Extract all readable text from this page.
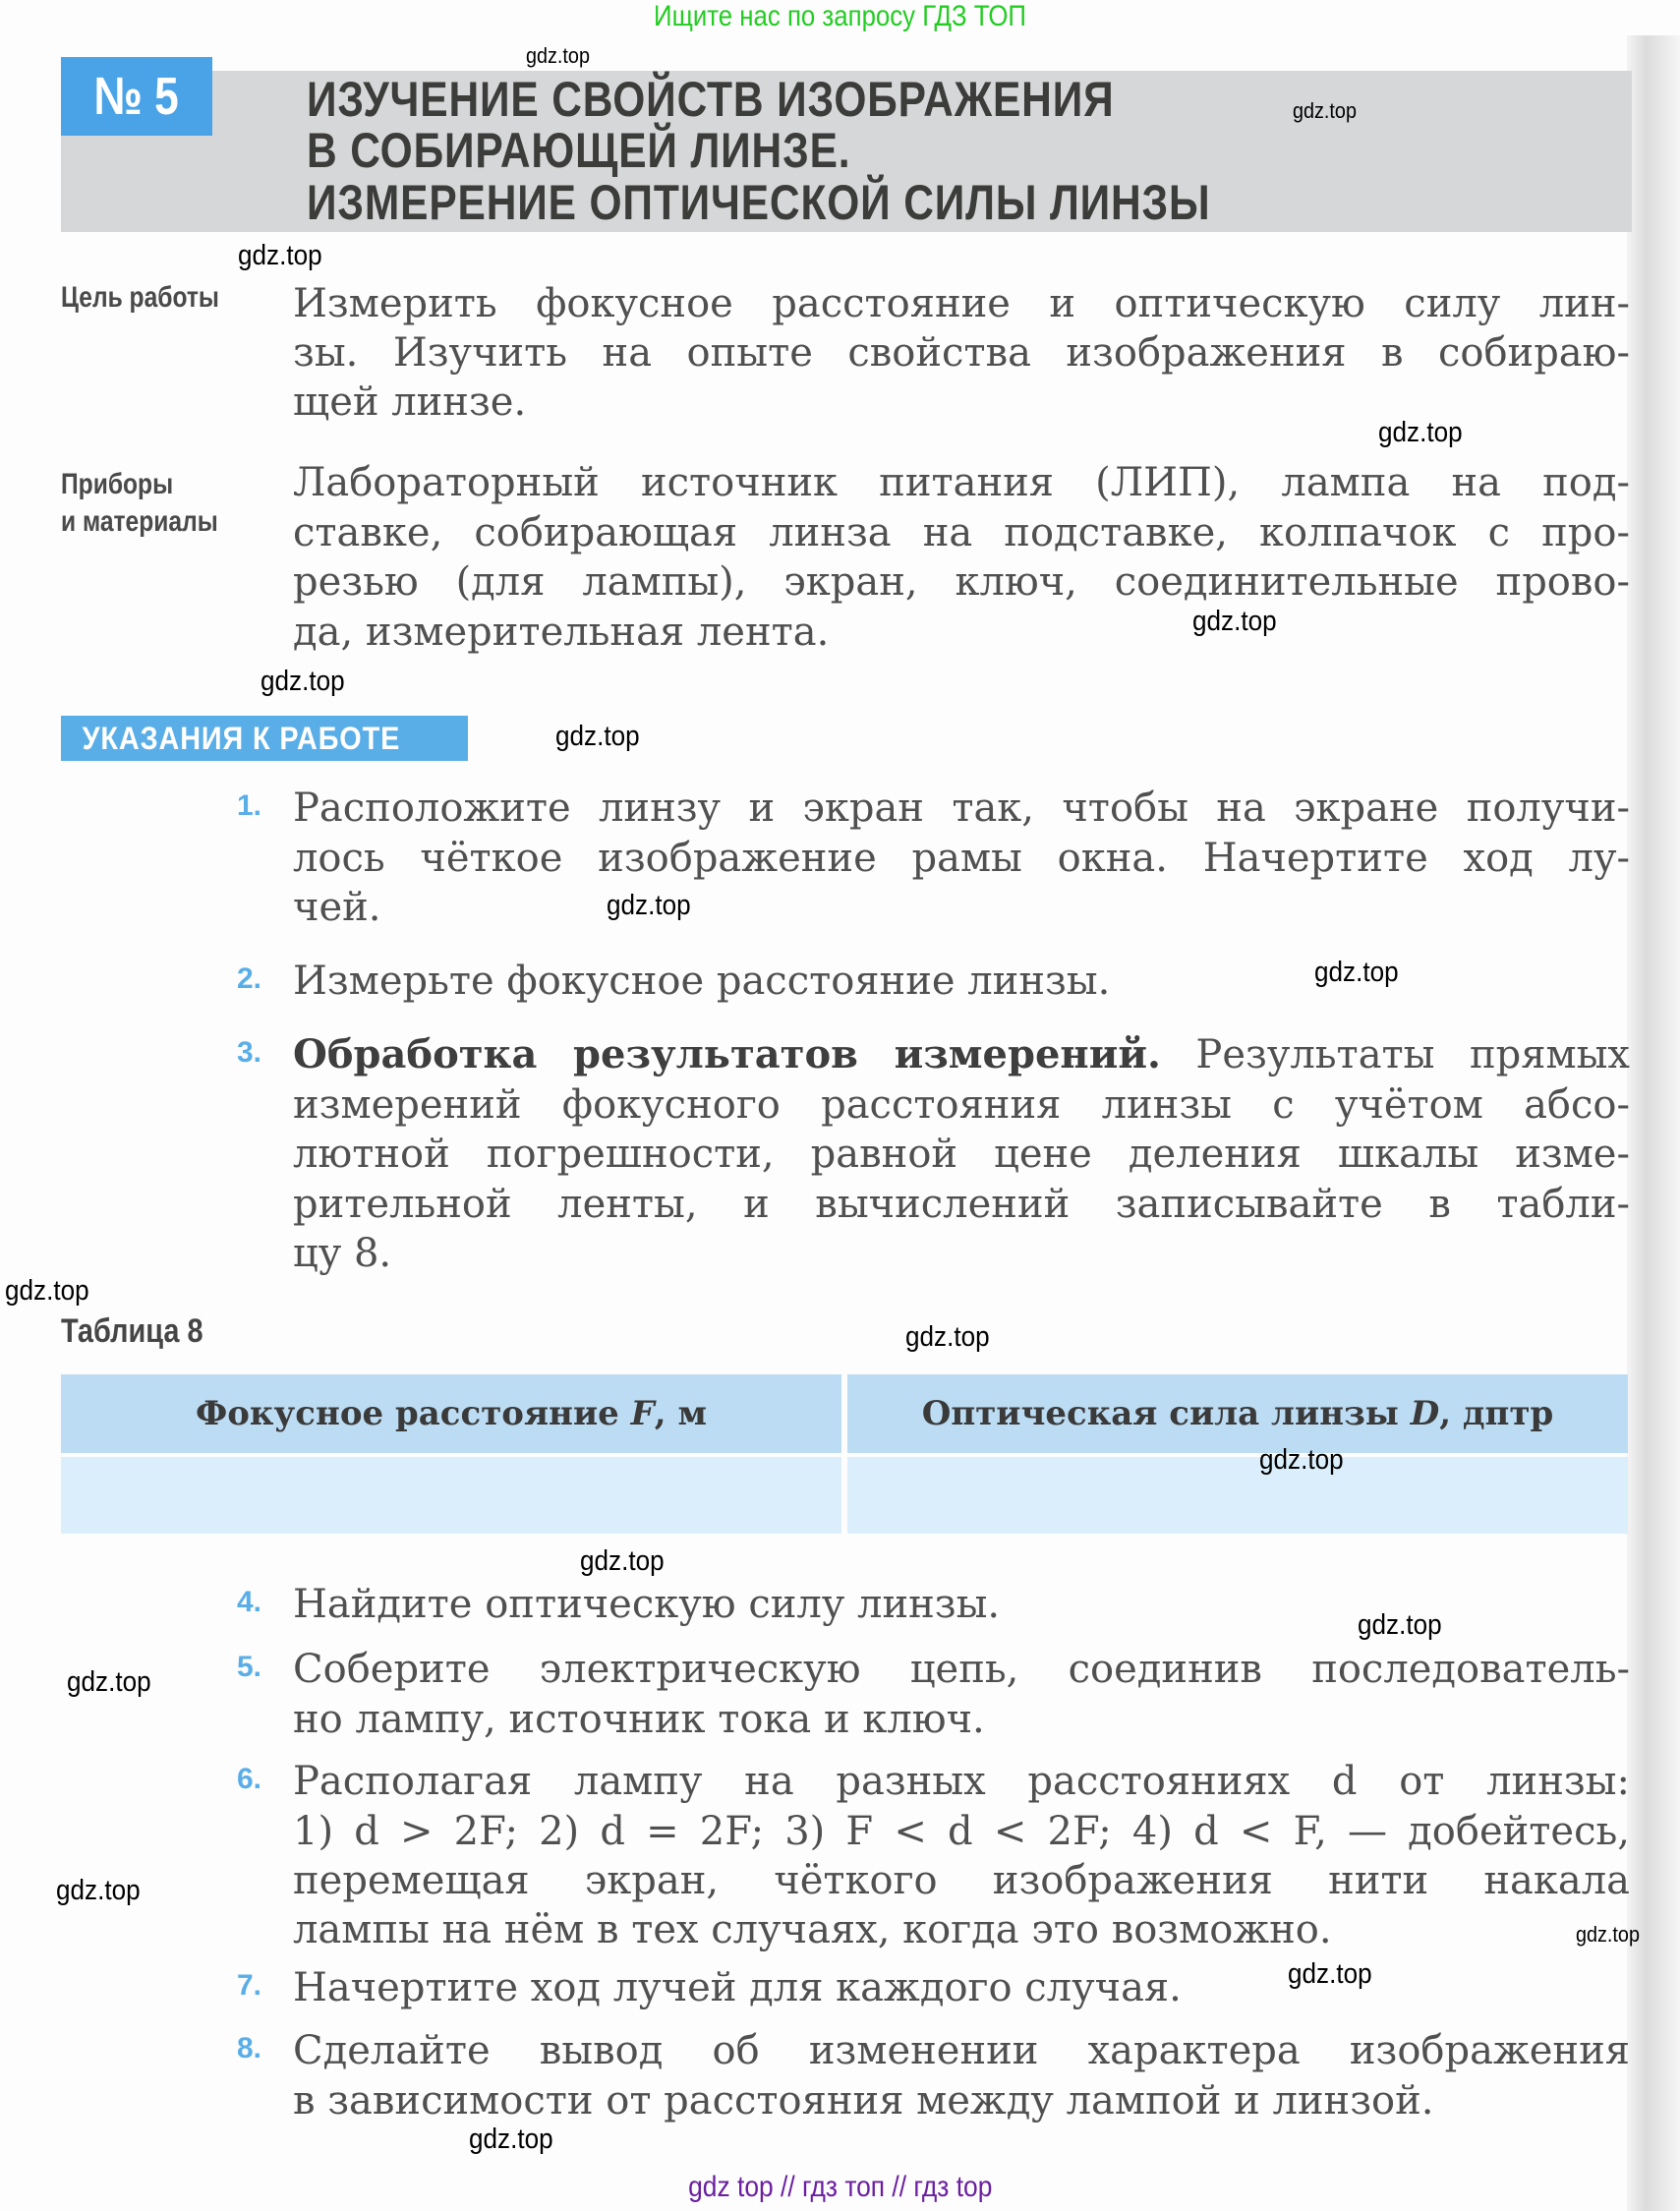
Ищите нас по запросу ГДЗ ТОП
№ 5	ИЗУЧЕНИЕ СВОЙСТВ ИЗОБРАЖЕНИЯ
В СОБИРАЮЩЕЙ ЛИНЗЕ.
ИЗМЕРЕНИЕ ОПТИЧЕСКОЙ СИЛЫ ЛИНЗЫ
Цель работы Измерить фокусное расстояние и оптическую силу лин-
зы. Изучить на опыте свойства изображения в собираю-
щей линзе.
Приборы
и материалы
Лабораторный источник питания (ЛИП), лампа на под-
ставке, собирающая линза на подставке, колпачок с про-
резью (для лампы), экран, ключ, соединительные прово-
да, измерительная лента.
УКАЗАНИЯ К РАБОТЕ
1. Расположите линзу и экран так, чтобы на экране получи-
лось чёткое изображение рамы окна. Начертите ход лу-
чей.
2. Измерьте фокусное расстояние линзы.
3. Обработка результатов измерений. Результаты прямых
измерений фокусного расстояния линзы с учётом абсо-
лютной погрешности, равной цене деления шкалы изме-
рительной ленты, и вычислений записывайте в табли-
цу 8.
Таблица 8
Фокусное расстояние F, м	Оптическая сила линзы D, дптр
4. Найдите оптическую силу линзы.
5. Соберите электрическую цепь, соединив последователь-
но лампу, источник тока и ключ.
6. Располагая лампу на разных расстояниях d от линзы:
1) d > 2F; 2) d = 2F; 3) F < d < 2F; 4) d < F, — добейтесь,
перемещая экран, чёткого изображения нити накала
лампы на нём в тех случаях, когда это возможно.
7. Начертите ход лучей для каждого случая.
8. Сделайте вывод об изменении характера изображения
в зависимости от расстояния между лампой и линзой.
gdz.top
gdz.top
gdz.top
gdz.top
gdz.top
gdz.top
gdz.top
gdz.top
gdz.top
gdz.top
gdz.top
gdz.top
gdz.top
gdz.top
gdz.top
gdz.top
gdz.top
gdz.top
gdz.top
gdz top // гдз топ // гдз top
